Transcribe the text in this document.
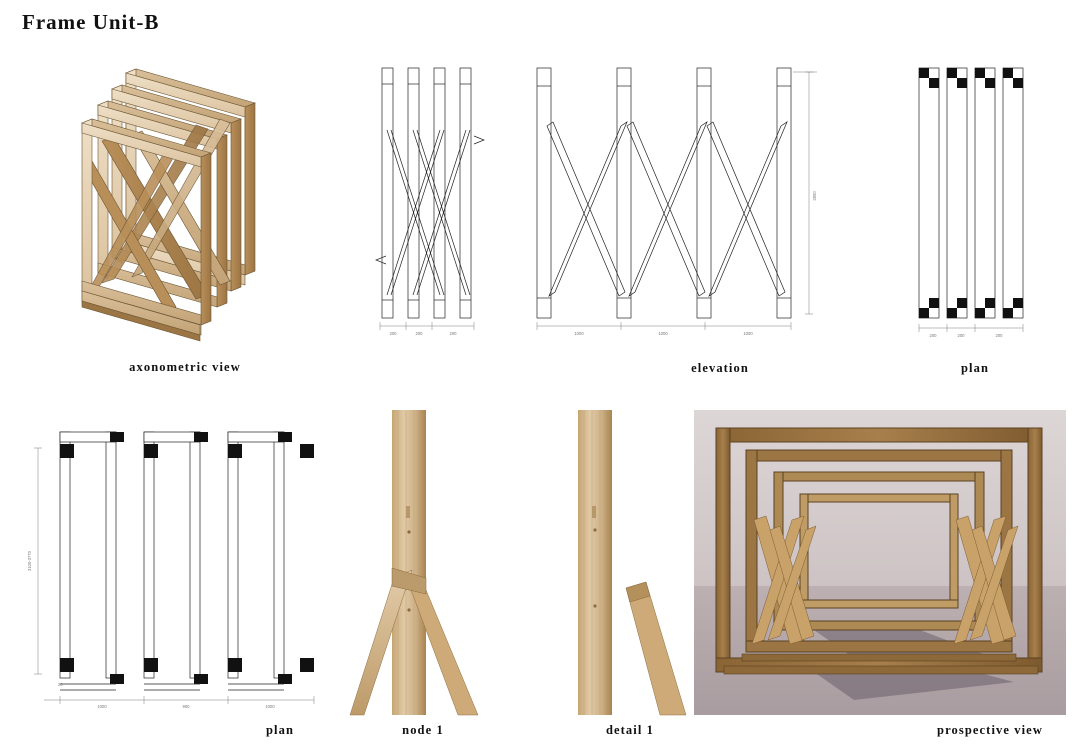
Frame Unit-B
axonometric view
200	200	200	1000	1000	1000
2800
elevation
200	200	200
plan
3100-3770
1000	900	1000
20
plan	node 1	detail 1	prospective view
